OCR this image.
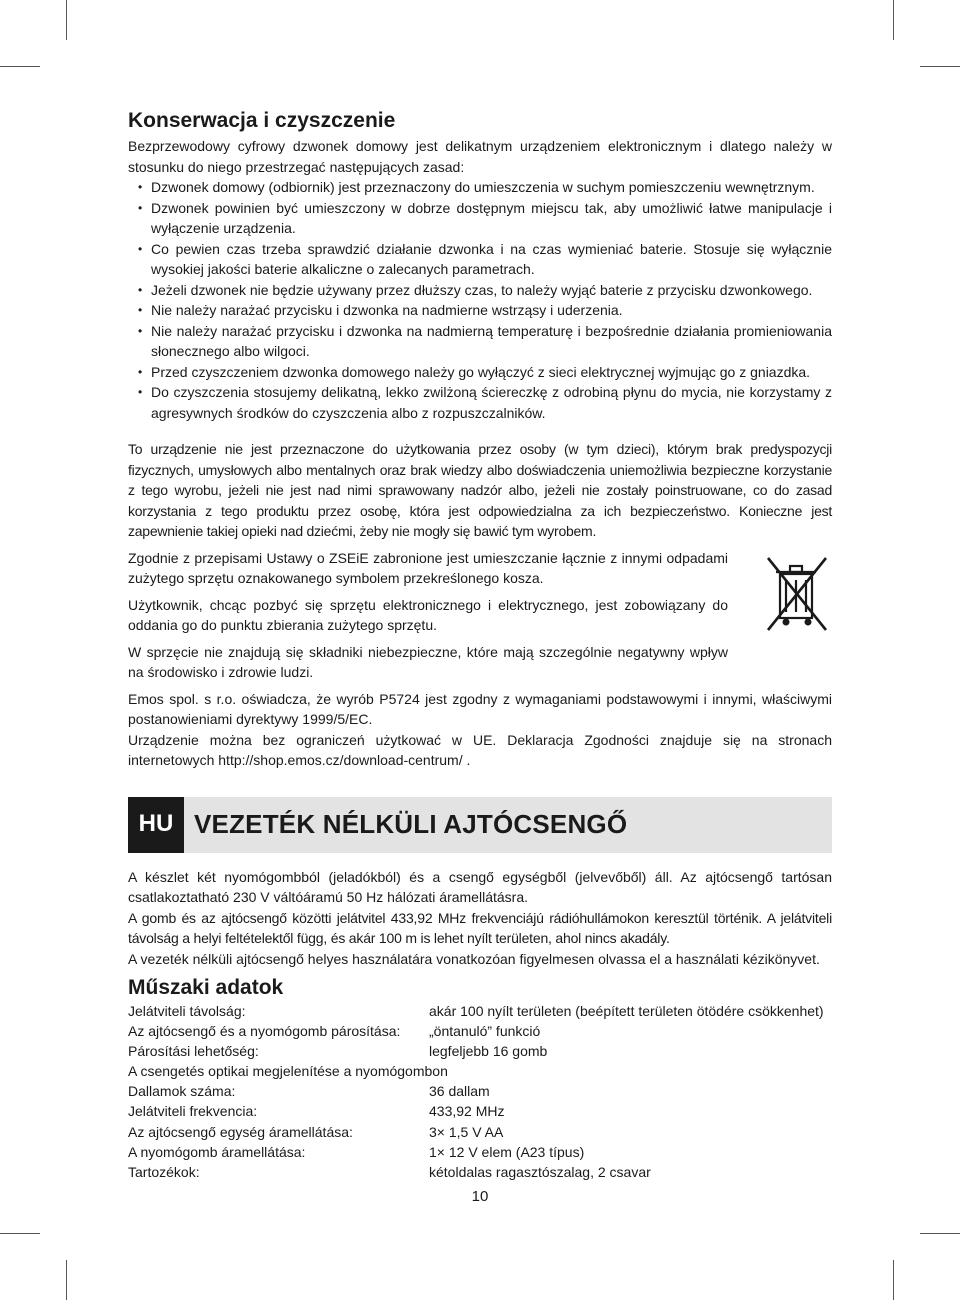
Konserwacja i czyszczenie

Bezprzewodowy cyfrowy dzwonek domowy jest delikatnym urządzeniem elektronicznym i dlatego należy w stosunku do niego przestrzegać następujących zasad:

• Dzwonek domowy (odbiornik) jest przeznaczony do umieszczenia w suchym pomieszczeniu wewnętrznym.
• Dzwonek powinien być umieszczony w dobrze dostępnym miejscu tak, aby umożliwić łatwe manipulacje i wyłączenie urządzenia.
• Co pewien czas trzeba sprawdzić działanie dzwonka i na czas wymieniać baterie. Stosuje się wyłącznie wysokiej jakości baterie alkaliczne o zalecanych parametrach.
• Jeżeli dzwonek nie będzie używany przez dłuższy czas, to należy wyjąć baterie z przycisku dzwonkowego.
• Nie należy narażać przycisku i dzwonka na nadmierne wstrząsy i uderzenia.
• Nie należy narażać przycisku i dzwonka na nadmierną temperaturę i bezpośrednie działania promieniowania słonecznego albo wilgoci.
• Przed czyszczeniem dzwonka domowego należy go wyłączyć z sieci elektrycznej wyjmując go z gniazdka.
• Do czyszczenia stosujemy delikatną, lekko zwilżoną ściereczkę z odrobiną płynu do mycia, nie korzystamy z agresywnych środków do czyszczenia albo z rozpuszczalników.

To urządzenie nie jest przeznaczone do użytkowania przez osoby (w tym dzieci), którym brak predyspozycji fizycznych, umysłowych albo mentalnych oraz brak wiedzy albo doświadczenia uniemożliwia bezpieczne korzystanie z tego wyrobu, jeżeli nie jest nad nimi sprawowany nadzór albo, jeżeli nie zostały poinstruowane, co do zasad korzystania z tego produktu przez osobę, która jest odpowiedzialna za ich bezpieczeństwo. Konieczne jest zapewnienie takiej opieki nad dziećmi, żeby nie mogły się bawić tym wyrobem.

Zgodnie z przepisami Ustawy o ZSEiE zabronione jest umieszczanie łącznie z innymi odpadami zużytego sprzętu oznakowanego symbolem przekreślonego kosza.

Użytkownik, chcąc pozbyć się sprzętu elektronicznego i elektrycznego, jest zobowiązany do oddania go do punktu zbierania zużytego sprzętu.

W sprzęcie nie znajdują się składniki niebezpieczne, które mają szczególnie negatywny wpływ na środowisko i zdrowie ludzi.

Emos spol. s r.o. oświadcza, że wyrób P5724 jest zgodny z wymaganiami podstawowymi i innymi, właściwymi postanowieniami dyrektywy 1999/5/EC.

Urządzenie można bez ograniczeń użytkować w UE. Deklaracja Zgodności znajduje się na stronach internetowych http://shop.emos.cz/download-centrum/ .

HU VEZETÉK NÉLKÜLI AJTÓCSENGŐ

A készlet két nyomógombból (jeladókból) és a csengő egységből (jelvevőből) áll. Az ajtócsengő tartósan csatlakoztatható 230 V váltóáramú 50 Hz hálózati áramellátásra.

A gomb és az ajtócsengő közötti jelátvitel 433,92 MHz frekvenciájú rádióhullámokon keresztül történik. A jelátviteli távolság a helyi feltételektől függ, és akár 100 m is lehet nyílt területen, ahol nincs akadály.

A vezeték nélküli ajtócsengő helyes használatára vonatkozóan figyelmesen olvassa el a használati kézikönyvet.

Műszaki adatok
Jelátviteli távolság:	akár 100 nyílt területen (beépített területen ötödére csökkenhet)
Az ajtócsengő és a nyomógomb párosítása:	„öntanuló” funkció
Párosítási lehetőség:	legfeljebb 16 gomb
A csengetés optikai megjelenítése a nyomógombon
Dallamok száma:	36 dallam
Jelátviteli frekvencia:	433,92 MHz
Az ajtócsengő egység áramellátása:	3× 1,5 V AA
A nyomógomb áramellátása:	1× 12 V elem (A23 típus)
Tartozékok:	kétoldalas ragasztószalag, 2 csavar
10
